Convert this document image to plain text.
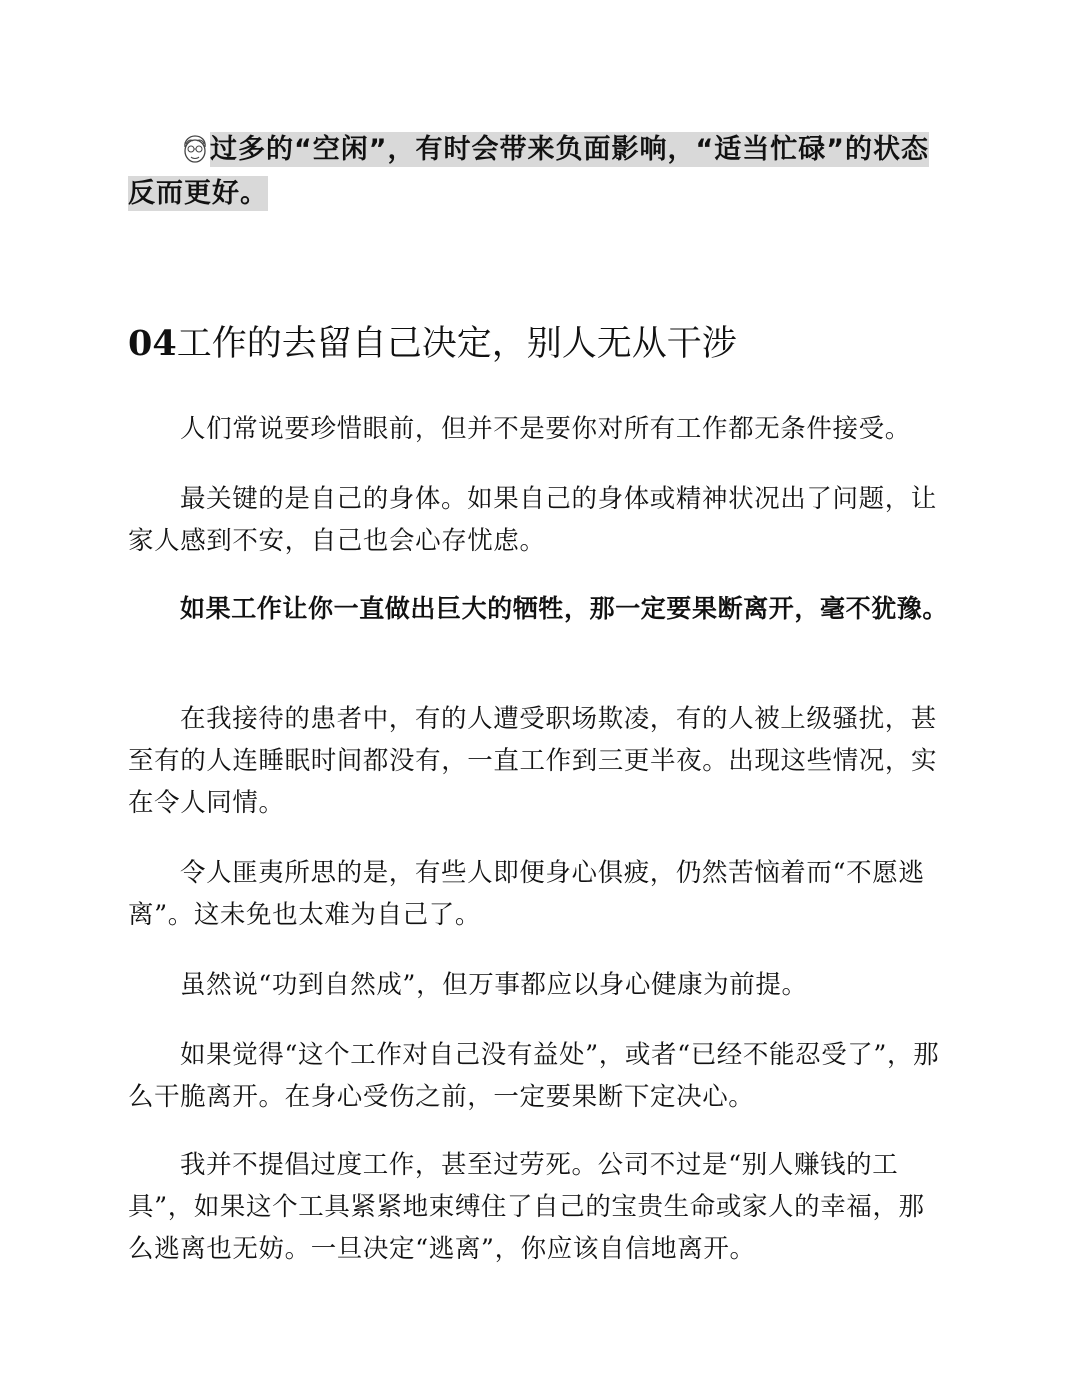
过多的“空闲”，有时会带来负面影响，“适当忙碌”的状态反而更好。
04工作的去留自己决定，别人无从干涉

人们常说要珍惜眼前，但并不是要你对所有工作都无条件接受。

最关键的是自己的身体。如果自己的身体或精神状况出了问题，让家人感到不安，自己也会心存忧虑。

如果工作让你一直做出巨大的牺牲，那一定要果断离开，毫不犹豫。

在我接待的患者中，有的人遭受职场欺凌，有的人被上级骚扰，甚至有的人连睡眠时间都没有，一直工作到三更半夜。出现这些情况，实在令人同情。

令人匪夷所思的是，有些人即便身心俱疲，仍然苦恼着而“不愿逃离”。这未免也太难为自己了。

虽然说“功到自然成”，但万事都应以身心健康为前提。

如果觉得“这个工作对自己没有益处”，或者“已经不能忍受了”，那么干脆离开。在身心受伤之前，一定要果断下定决心。

我并不提倡过度工作，甚至过劳死。公司不过是“别人赚钱的工具”，如果这个工具紧紧地束缚住了自己的宝贵生命或家人的幸福，那么逃离也无妨。一旦决定“逃离”，你应该自信地离开。
